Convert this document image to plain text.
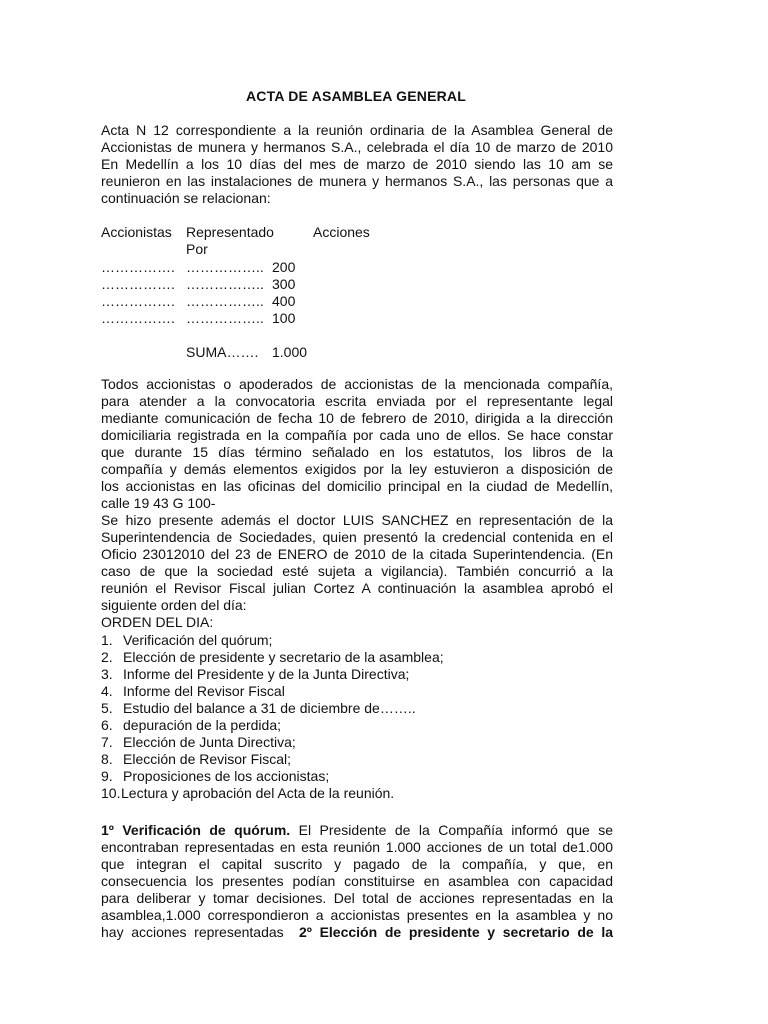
ACTA DE ASAMBLEA GENERAL
Acta N 12 correspondiente a la reunión ordinaria de la Asamblea General de
Accionistas de munera y hermanos S.A., celebrada el día 10 de marzo de 2010
En Medellín a los 10 días del mes de marzo de 2010 siendo las 10 am se
reunieron en las instalaciones de munera y hermanos S.A., las personas que a
continuación se relacionan:
Accionistas Representado
Por
Acciones
……………. …………….. 200
……………. …………….. 300
……………. …………….. 400
……………. …………….. 100
SUMA……. 1.000
Todos accionistas o apoderados de accionistas de la mencionada compañía,
para atender a la convocatoria escrita enviada por el representante legal
mediante comunicación de fecha 10 de febrero de 2010, dirigida a la dirección
domiciliaria registrada en la compañía por cada uno de ellos. Se hace constar
que durante 15 días término señalado en los estatutos, los libros de la
compañía y demás elementos exigidos por la ley estuvieron a disposición de
los accionistas en las oficinas del domicilio principal en la ciudad de Medellín,
calle 19 43 G 100-
Se hizo presente además el doctor LUIS SANCHEZ en representación de la
Superintendencia de Sociedades, quien presentó la credencial contenida en el
Oficio 23012010 del 23 de ENERO de 2010 de la citada Superintendencia. (En
caso de que la sociedad esté sujeta a vigilancia). También concurrió a la
reunión el Revisor Fiscal julian Cortez A continuación la asamblea aprobó el
siguiente orden del día:
ORDEN DEL DIA:
1. Verificación del quórum;
2. Elección de presidente y secretario de la asamblea;
3. Informe del Presidente y de la Junta Directiva;
4. Informe del Revisor Fiscal
5. Estudio del balance a 31 de diciembre de……..
6. depuración de la perdida;
7. Elección de Junta Directiva;
8. Elección de Revisor Fiscal;
9. Proposiciones de los accionistas;
10.Lectura y aprobación del Acta de la reunión.
1º Verificación de quórum. El Presidente de la Compañía informó que se
encontraban representadas en esta reunión 1.000 acciones de un total de1.000
que integran el capital suscrito y pagado de la compañía, y que, en
consecuencia los presentes podían constituirse en asamblea con capacidad
para deliberar y tomar decisiones. Del total de acciones representadas en la
asamblea,1.000 correspondieron a accionistas presentes en la asamblea y no
hay acciones representadas 2º Elección de presidente y secretario de la
